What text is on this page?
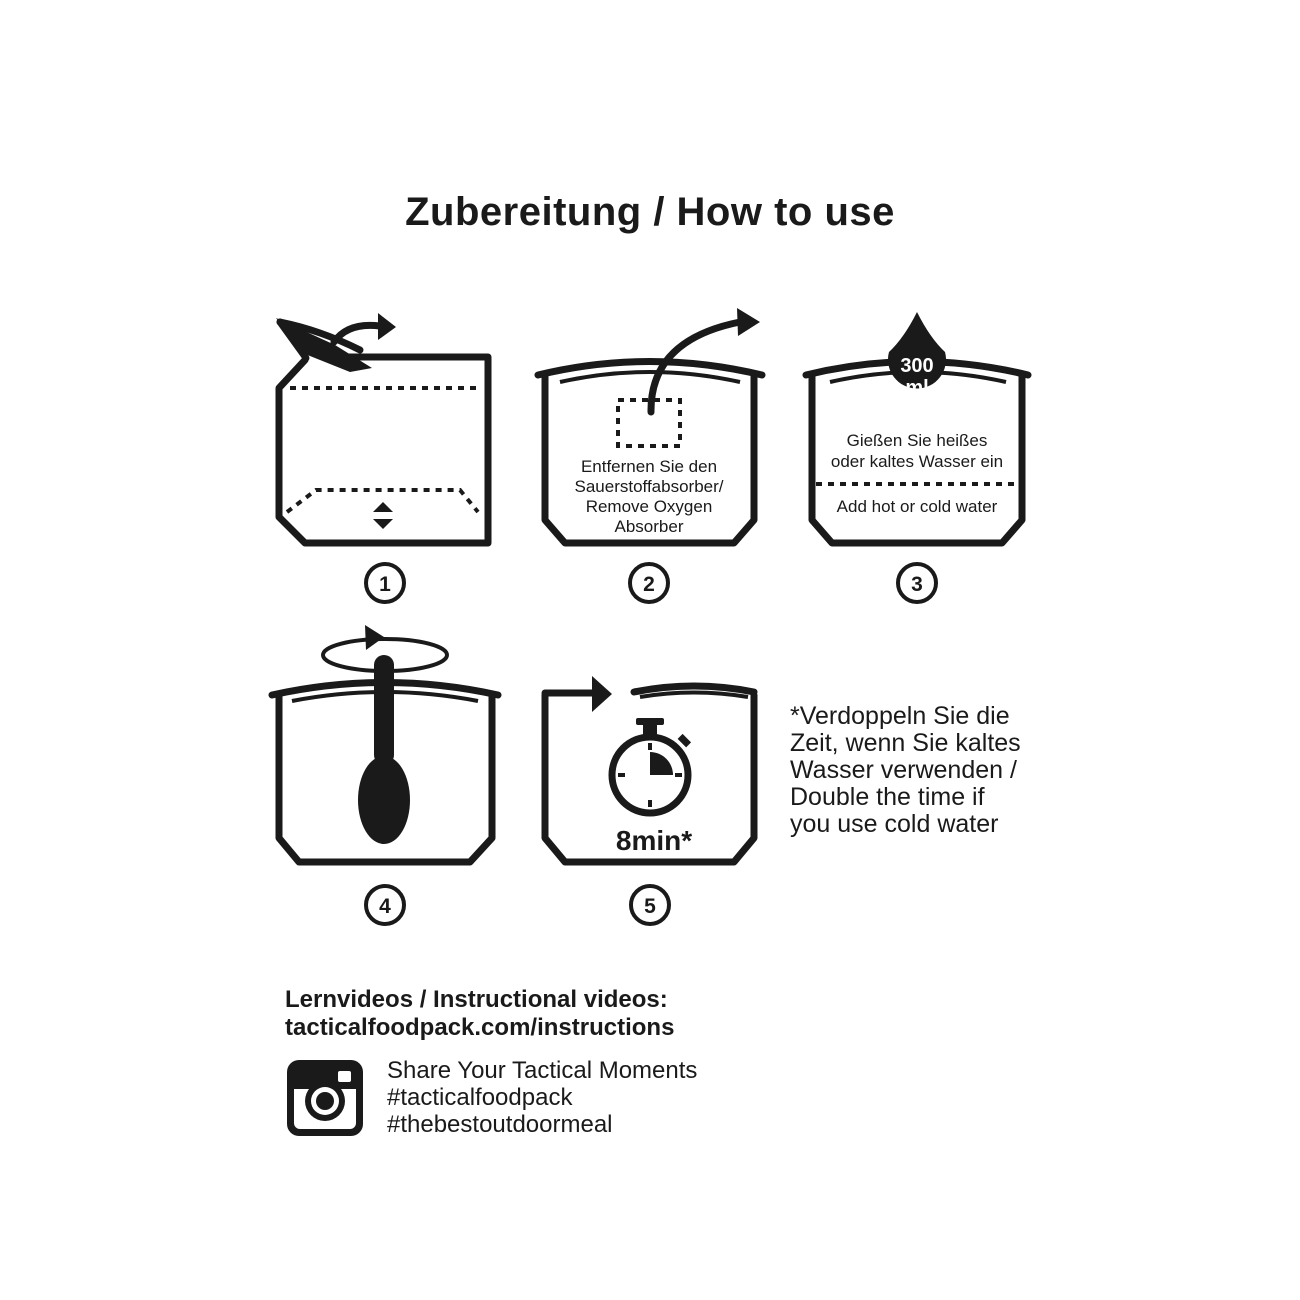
Zubereitung / How to use
1
Entfernen Sie den
Sauerstoffabsorber/
Remove Oxygen
Absorber
2
300
ml
Gießen Sie heißes
oder kaltes Wasser ein
Add hot or cold water
3
4
8min*
5
*Verdoppeln Sie die
Zeit, wenn Sie kaltes
Wasser verwenden /
Double the time if
you use cold water
Lernvideos / Instructional videos:
tacticalfoodpack.com/instructions
Share Your Tactical Moments
#tacticalfoodpack
#thebestoutdoormeal
